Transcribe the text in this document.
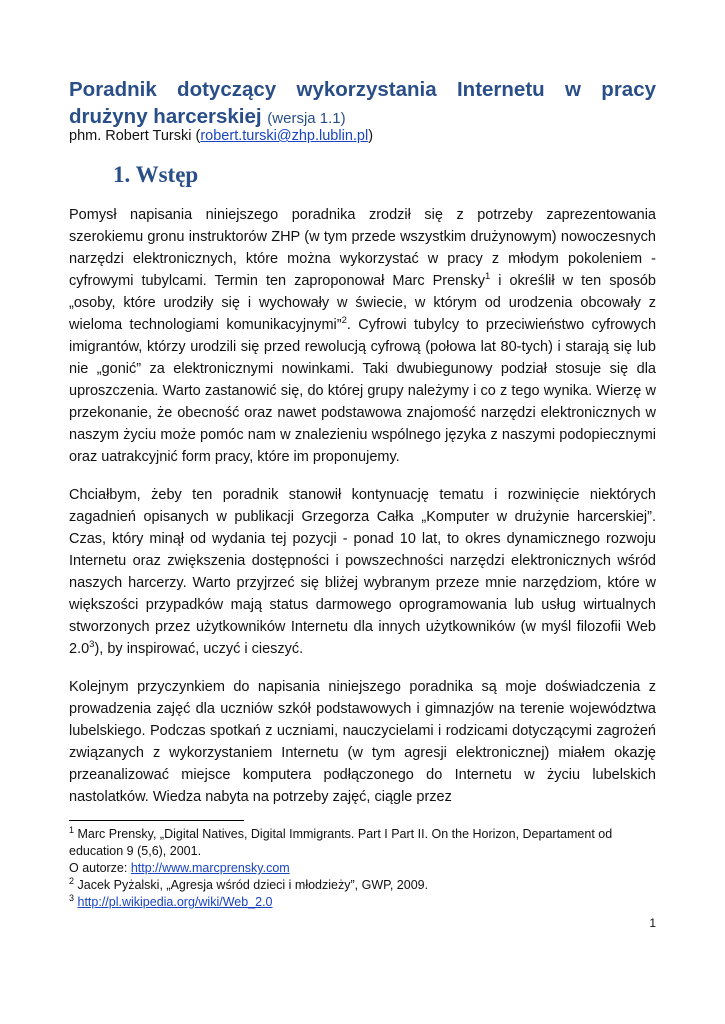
Poradnik dotyczący wykorzystania Internetu w pracy drużyny harcerskiej (wersja 1.1)
phm. Robert Turski (robert.turski@zhp.lublin.pl)
1. Wstęp

Pomysł napisania niniejszego poradnika zrodził się z potrzeby zaprezentowania szerokiemu gronu instruktorów ZHP (w tym przede wszystkim drużynowym) nowoczesnych narzędzi elektronicznych, które można wykorzystać w pracy z młodym pokoleniem - cyfrowymi tubylcami. Termin ten zaproponował Marc Prensky$^1$ i określił w ten sposób „osoby, które urodziły się i wychowały w świecie, w którym od urodzenia obcowały z wieloma technologiami komunikacyjnymi”$^2$. Cyfrowi tubylcy to przeciwieństwo cyfrowych imigrantów, którzy urodzili się przed rewolucją cyfrową (połowa lat 80-tych) i starają się lub nie „gonić” za elektronicznymi nowinkami. Taki dwubiegunowy podział stosuje się dla uproszczenia. Warto zastanowić się, do której grupy należymy i co z tego wynika. Wierzę w przekonanie, że obecność oraz nawet podstawowa znajomość narzędzi elektronicznych w naszym życiu może pomóc nam w znalezieniu wspólnego języka z naszymi podopiecznymi oraz uatrakcyjnić form pracy, które im proponujemy.

Chciałbym, żeby ten poradnik stanowił kontynuację tematu i rozwinięcie niektórych zagadnień opisanych w publikacji Grzegorza Całka „Komputer w drużynie harcerskiej”. Czas, który minął od wydania tej pozycji - ponad 10 lat, to okres dynamicznego rozwoju Internetu oraz zwiększenia dostępności i powszechności narzędzi elektronicznych wśród naszych harcerzy. Warto przyjrzeć się bliżej wybranym przeze mnie narzędziom, które w większości przypadków mają status darmowego oprogramowania lub usług wirtualnych stworzonych przez użytkowników Internetu dla innych użytkowników (w myśl filozofii Web $2.0^3$), by inspirować, uczyć i cieszyć.

Kolejnym przyczynkiem do napisania niniejszego poradnika są moje doświadczenia z prowadzenia zajęć dla uczniów szkół podstawowych i gimnazjów na terenie województwa lubelskiego. Podczas spotkań z uczniami, nauczycielami i rodzicami dotyczącymi zagrożeń związanych z wykorzystaniem Internetu (w tym agresji elektronicznej) miałem okazję przeanalizować miejsce komputera podłączonego do Internetu w życiu lubelskich nastolatków. Wiedza nabyta na potrzeby zajęć, ciągle przez

$^1$ Marc Prensky, „Digital Natives, Digital Immigrants. Part I Part II. On the Horizon, Departament od education 9 (5,6), 2001.

O autorze: http://www.marcprensky.com

$^2$ Jacek Pyżalski, „Agresja wśród dzieci i młodzieży”, GWP, 2009.

$^3$ http://pl.wikipedia.org/wiki/Web_2.0

1
